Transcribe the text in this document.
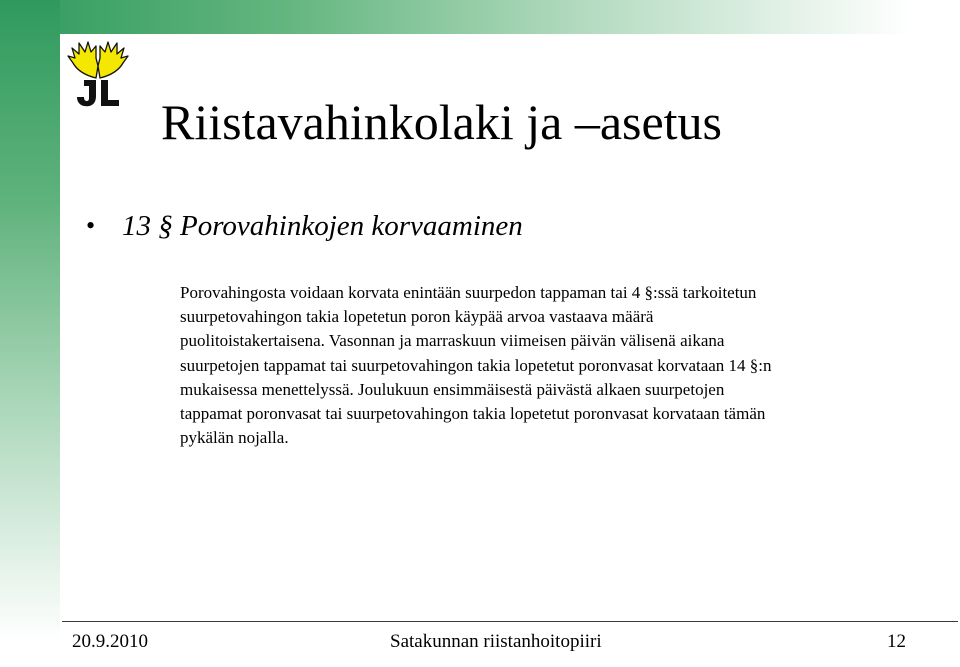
Riistavahinkolaki ja –asetus
• 13 § Porovahinkojen korvaaminen

Porovahingosta voidaan korvata enintään suurpedon tappaman tai 4 §:ssä tarkoitetun
suurpetovahingon takia lopetetun poron käypää arvoa vastaava määrä
puolitoistakertaisena. Vasonnan ja marraskuun viimeisen päivän välisenä aikana
suurpetojen tappamat tai suurpetovahingon takia lopetetut poronvasat korvataan 14 §:n
mukaisessa menettelyssä. Joulukuun ensimmäisestä päivästä alkaen suurpetojen
tappamat poronvasat tai suurpetovahingon takia lopetetut poronvasat korvataan tämän
pykälän nojalla.

20.9.2010	Satakunnan riistanhoitopiiri	12
